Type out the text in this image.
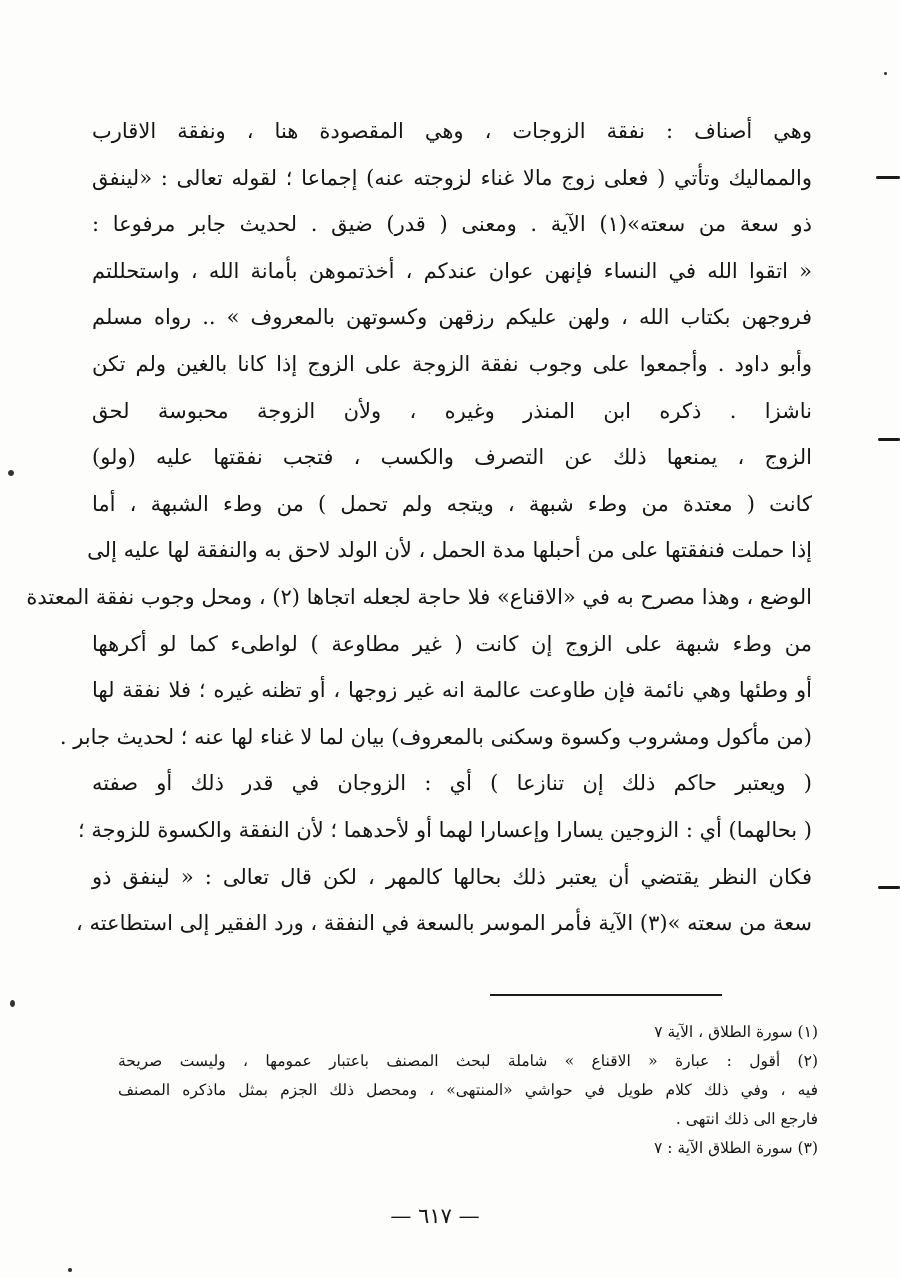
وهي أصناف : نفقة الزوجات ، وهي المقصودة هنا ، ونفقة الاقارب
والمماليك وتأتي ( فعلى زوج مالا غناء لزوجته عنه) إجماعا ؛ لقوله تعالى : «لينفق
ذو سعة من سعته»(١) الآية . ومعنى ( قدر) ضيق . لحديث جابر مرفوعا :
« اتقوا الله في النساء فإنهن عوان عندكم ، أخذتموهن بأمانة الله ، واستحللتم
فروجهن بكتاب الله ، ولهن عليكم رزقهن وكسوتهن بالمعروف » .. رواه مسلم
وأبو داود . وأجمعوا على وجوب نفقة الزوجة على الزوج إذا كانا بالغين ولم تكن
ناشزا . ذكره ابن المنذر وغيره ، ولأن الزوجة محبوسة لحق
الزوج ، يمنعها ذلك عن التصرف والكسب ، فتجب نفقتها عليه (ولو)
كانت ( معتدة من وطء شبهة ، ويتجه ولم تحمل ) من وطء الشبهة ، أما
إذا حملت فنفقتها على من أحبلها مدة الحمل ، لأن الولد لاحق به والنفقة لها عليه إلى
الوضع ، وهذا مصرح به في «الاقناع» فلا حاجة لجعله اتجاها (٢) ، ومحل وجوب نفقة المعتدة
من وطء شبهة على الزوج إن كانت ( غير مطاوعة ) لواطىء كما لو أكرهها
أو وطئها وهي نائمة فإن طاوعت عالمة انه غير زوجها ، أو تظنه غيره ؛ فلا نفقة لها
(من مأكول ومشروب وكسوة وسكنى بالمعروف) بيان لما لا غناء لها عنه ؛ لحديث جابر .
( ويعتبر حاكم ذلك إن تنازعا ) أي : الزوجان في قدر ذلك أو صفته
( بحالهما) أي : الزوجين يسارا وإعسارا لهما أو لأحدهما ؛ لأن النفقة والكسوة للزوجة ؛
فكان النظر يقتضي أن يعتبر ذلك بحالها كالمهر ، لكن قال تعالى : « لينفق ذو
سعة من سعته »(٣) الآية فأمر الموسر بالسعة في النفقة ، ورد الفقير إلى استطاعته ،
(١) سورة الطلاق ، الآية ٧
(٢) أقول : عبارة « الاقناع » شاملة لبحث المصنف باعتبار عمومها ، وليست صريحة
فيه ، وفي ذلك كلام طويل في حواشي «المنتهى» ، ومحصل ذلك الجزم بمثل ماذكره المصنف
فارجع الى ذلك انتهى .
(٣) سورة الطلاق الآية : ٧
— ٦١٧ —
